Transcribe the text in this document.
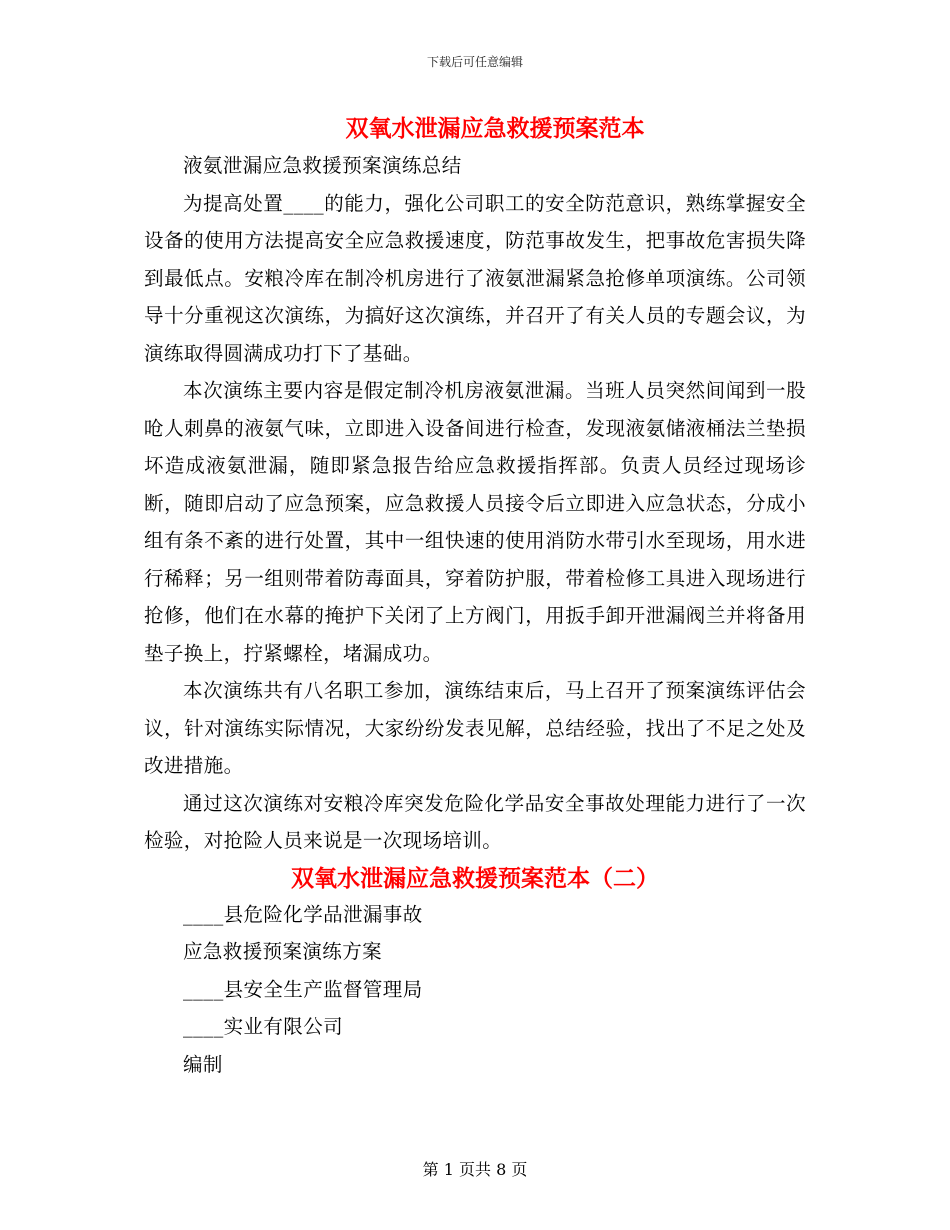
下载后可任意编辑
双氧水泄漏应急救援预案范本

液氨泄漏应急救援预案演练总结

为提高处置____的能力，强化公司职工的安全防范意识，熟练掌握安全设备的使用方法提高安全应急救援速度，防范事故发生，把事故危害损失降到最低点。安粮冷库在制冷机房进行了液氨泄漏紧急抢修单项演练。公司领导十分重视这次演练，为搞好这次演练，并召开了有关人员的专题会议，为演练取得圆满成功打下了基础。

本次演练主要内容是假定制冷机房液氨泄漏。当班人员突然间闻到一股呛人刺鼻的液氨气味，立即进入设备间进行检查，发现液氨储液桶法兰垫损坏造成液氨泄漏，随即紧急报告给应急救援指挥部。负责人员经过现场诊断，随即启动了应急预案，应急救援人员接令后立即进入应急状态，分成小组有条不紊的进行处置，其中一组快速的使用消防水带引水至现场，用水进行稀释；另一组则带着防毒面具，穿着防护服，带着检修工具进入现场进行抢修，他们在水幕的掩护下关闭了上方阀门，用扳手卸开泄漏阀兰并将备用垫子换上，拧紧螺栓，堵漏成功。

本次演练共有八名职工参加，演练结束后，马上召开了预案演练评估会议，针对演练实际情况，大家纷纷发表见解，总结经验，找出了不足之处及改进措施。

通过这次演练对安粮冷库突发危险化学品安全事故处理能力进行了一次检验，对抢险人员来说是一次现场培训。

双氧水泄漏应急救援预案范本（二）

____县危险化学品泄漏事故

应急救援预案演练方案

____县安全生产监督管理局

____实业有限公司

编制

第 1 页共 8 页
